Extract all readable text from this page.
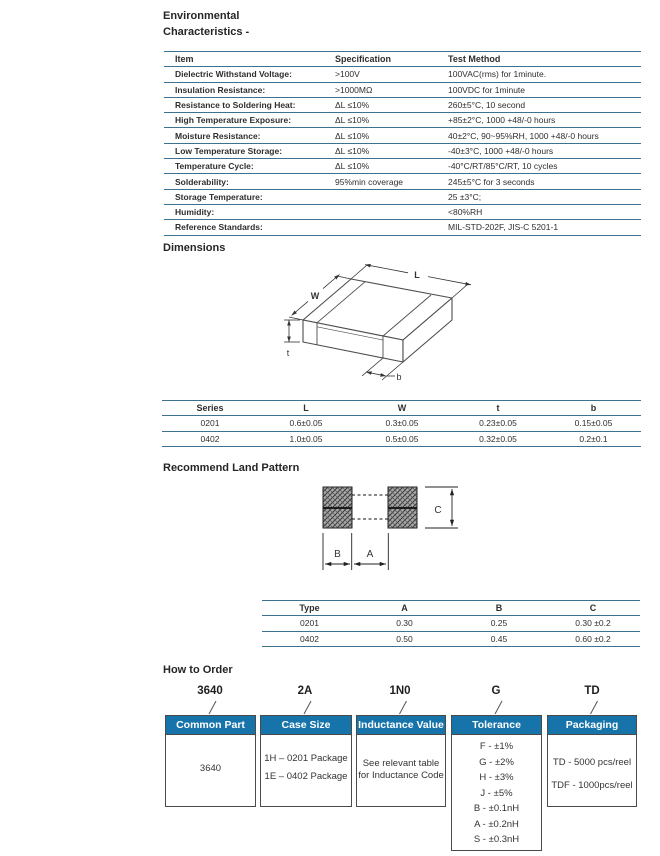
Environmental
Characteristics -
Item	Specification	Test Method
Dielectric Withstand Voltage:	>100V	100VAC(rms) for 1minute.
Insulation Resistance:	>1000MΩ	100VDC for 1minute
Resistance to Soldering Heat:	ΔL ≤10%	260±5°C, 10 second
High Temperature Exposure:	ΔL ≤10%	+85±2°C, 1000 +48/-0 hours
Moisture Resistance:	ΔL ≤10%	40±2°C, 90~95%RH, 1000 +48/-0 hours
Low Temperature Storage:	ΔL ≤10%	-40±3°C, 1000 +48/-0 hours
Temperature Cycle:	ΔL ≤10%	-40°C/RT/85°C/RT, 10 cycles
Solderability:	95%min coverage	245±5°C for 3 seconds
Storage Temperature:		25 ±3°C;
Humidity:		<80%RH
Reference Standards:		MIL-STD-202F, JIS-C 5201-1
Dimensions
L
W
t
b
Series	L	W	t	b
0201	0.6±0.05	0.3±0.05	0.23±0.05	0.15±0.05
0402	1.0±0.05	0.5±0.05	0.32±0.05	0.2±0.1
Recommend Land Pattern
C
B	A
Type	A	B	C
0201	0.30	0.25	0.30 ±0.2
0402	0.50	0.45	0.60 ±0.2
How to Order
3640	2A	1N0	G	TD
Common Part
3640
Case Size
1H – 0201 Package
1E – 0402 Package
Inductance Value
See relevant table
for Inductance Code
Tolerance
F - ±1%
G - ±2%
H - ±3%
J - ±5%
B - ±0.1nH
A - ±0.2nH
S - ±0.3nH
Packaging
TD - 5000 pcs/reel
TDF - 1000pcs/reel
